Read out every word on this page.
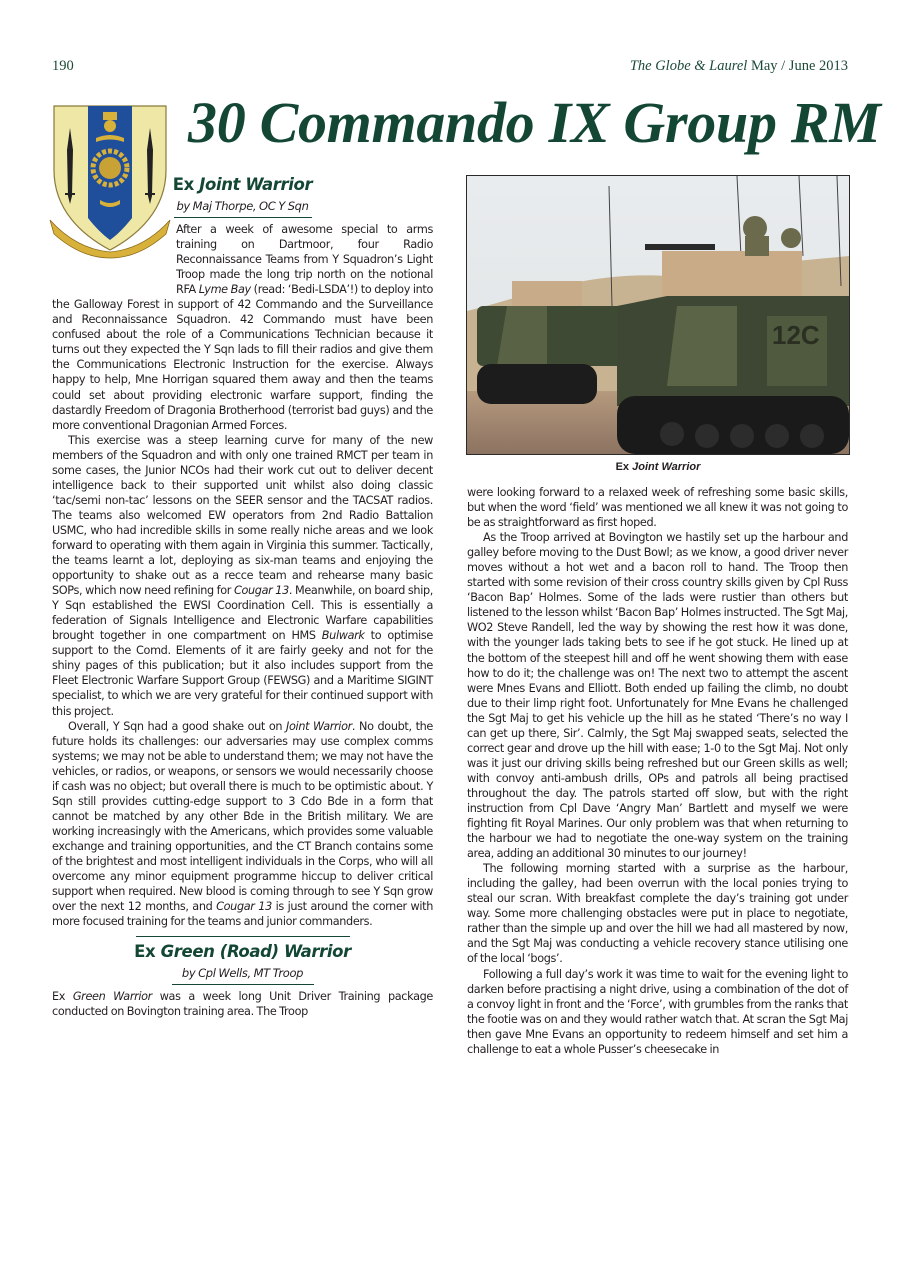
190	The Globe & Laurel May / June 2013
30 Commando IX Group RM
Ex Joint Warrior
by Maj Thorpe, OC Y Sqn

After a week of awesome special to arms training on Dartmoor, four Radio Reconnaissance Teams from Y Squadron’s Light Troop made the long trip north on the notional RFA Lyme Bay (read: ‘Bedi-LSDA’!) to deploy into the Galloway Forest in support of 42 Commando and the Surveillance and Reconnaissance Squadron. 42 Commando must have been confused about the role of a Communications Technician because it turns out they expected the Y Sqn lads to fill their radios and give them the Communications Electronic Instruction for the exercise. Always happy to help, Mne Horrigan squared them away and then the teams could set about providing electronic warfare support, finding the dastardly Freedom of Dragonia Brotherhood (terrorist bad guys) and the more conventional Dragonian Armed Forces.

This exercise was a steep learning curve for many of the new members of the Squadron and with only one trained RMCT per team in some cases, the Junior NCOs had their work cut out to deliver decent intelligence back to their supported unit whilst also doing classic ‘tac/semi non-tac’ lessons on the SEER sensor and the TACSAT radios. The teams also welcomed EW operators from 2nd Radio Battalion USMC, who had incredible skills in some really niche areas and we look forward to operating with them again in Virginia this summer. Tactically, the teams learnt a lot, deploying as six-man teams and enjoying the opportunity to shake out as a recce team and rehearse many basic SOPs, which now need refining for Cougar 13. Meanwhile, on board ship, Y Sqn established the EWSI Coordination Cell. This is essentially a federation of Signals Intelligence and Electronic Warfare capabilities brought together in one compartment on HMS Bulwark to optimise support to the Comd. Elements of it are fairly geeky and not for the shiny pages of this publication; but it also includes support from the Fleet Electronic Warfare Support Group (FEWSG) and a Maritime SIGINT specialist, to which we are very grateful for their continued support with this project.

Overall, Y Sqn had a good shake out on Joint Warrior. No doubt, the future holds its challenges: our adversaries may use complex comms systems; we may not be able to understand them; we may not have the vehicles, or radios, or weapons, or sensors we would necessarily choose if cash was no object; but overall there is much to be optimistic about. Y Sqn still provides cutting-edge support to 3 Cdo Bde in a form that cannot be matched by any other Bde in the British military. We are working increasingly with the Americans, which provides some valuable exchange and training opportunities, and the CT Branch contains some of the brightest and most intelligent individuals in the Corps, who will all overcome any minor equipment programme hiccup to deliver critical support when required. New blood is coming through to see Y Sqn grow over the next 12 months, and Cougar 13 is just around the corner with more focused training for the teams and junior commanders.

Ex Green (Road) Warrior
by Cpl Wells, MT Troop

Ex Green Warrior was a week long Unit Driver Training package conducted on Bovington training area. The Troop

12C
Ex Joint Warrior

were looking forward to a relaxed week of refreshing some basic skills, but when the word ‘field’ was mentioned we all knew it was not going to be as straightforward as first hoped.

As the Troop arrived at Bovington we hastily set up the harbour and galley before moving to the Dust Bowl; as we know, a good driver never moves without a hot wet and a bacon roll to hand. The Troop then started with some revision of their cross country skills given by Cpl Russ ‘Bacon Bap’ Holmes. Some of the lads were rustier than others but listened to the lesson whilst ‘Bacon Bap’ Holmes instructed. The Sgt Maj, WO2 Steve Randell, led the way by showing the rest how it was done, with the younger lads taking bets to see if he got stuck. He lined up at the bottom of the steepest hill and off he went showing them with ease how to do it; the challenge was on! The next two to attempt the ascent were Mnes Evans and Elliott. Both ended up failing the climb, no doubt due to their limp right foot. Unfortunately for Mne Evans he challenged the Sgt Maj to get his vehicle up the hill as he stated ‘There’s no way I can get up there, Sir’. Calmly, the Sgt Maj swapped seats, selected the correct gear and drove up the hill with ease; 1-0 to the Sgt Maj. Not only was it just our driving skills being refreshed but our Green skills as well; with convoy anti-ambush drills, OPs and patrols all being practised throughout the day. The patrols started off slow, but with the right instruction from Cpl Dave ‘Angry Man’ Bartlett and myself we were fighting fit Royal Marines. Our only problem was that when returning to the harbour we had to negotiate the one-way system on the training area, adding an additional 30 minutes to our journey!

The following morning started with a surprise as the harbour, including the galley, had been overrun with the local ponies trying to steal our scran. With breakfast complete the day’s training got under way. Some more challenging obstacles were put in place to negotiate, rather than the simple up and over the hill we had all mastered by now, and the Sgt Maj was conducting a vehicle recovery stance utilising one of the local ‘bogs’.

Following a full day’s work it was time to wait for the evening light to darken before practising a night drive, using a combination of the dot of a convoy light in front and the ‘Force’, with grumbles from the ranks that the footie was on and they would rather watch that. At scran the Sgt Maj then gave Mne Evans an opportunity to redeem himself and set him a challenge to eat a whole Pusser’s cheesecake in
